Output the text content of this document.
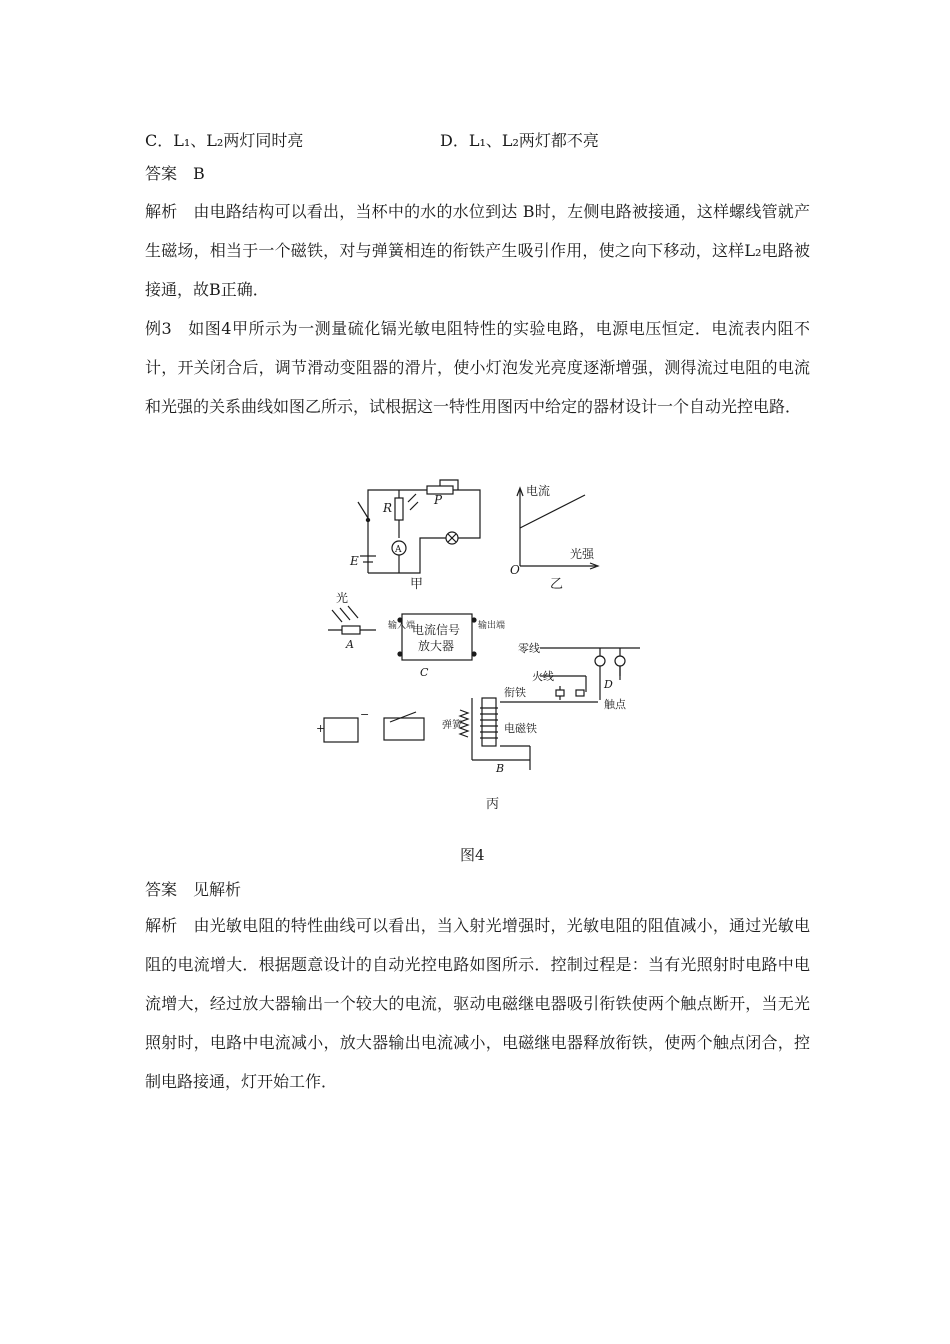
C．L₁、L₂两灯同时亮	D．L₁、L₂两灯都不亮
答案 B
解析 由电路结构可以看出，当杯中的水的水位到达 B时，左侧电路被接通，这样螺线管就产生磁场，相当于一个磁铁，对与弹簧相连的衔铁产生吸引作用，使之向下移动，这样L₂电路被接通，故B正确．
例3 如图4甲所示为一测量硫化镉光敏电阻特性的实验电路，电源电压恒定．电流表内阻不计，开关闭合后，调节滑动变阻器的滑片，使小灯泡发光亮度逐渐增强，测得流过电阻的电流和光强的关系曲线如图乙所示，试根据这一特性用图丙中给定的器材设计一个自动光控电路．
R
P
E
A
甲
电流
光强
O
乙
光
A
电流信号
放大器
输入端	输出端
C
零线
火线
D
触点
衔铁
弹簧	电磁铁
B
+
−
丙
图4
答案 见解析
解析 由光敏电阻的特性曲线可以看出，当入射光增强时，光敏电阻的阻值减小，通过光敏电阻的电流增大．根据题意设计的自动光控电路如图所示．控制过程是：当有光照射时电路中电流增大，经过放大器输出一个较大的电流，驱动电磁继电器吸引衔铁使两个触点断开，当无光照射时，电路中电流减小，放大器输出电流减小，电磁继电器释放衔铁，使两个触点闭合，控制电路接通，灯开始工作．
